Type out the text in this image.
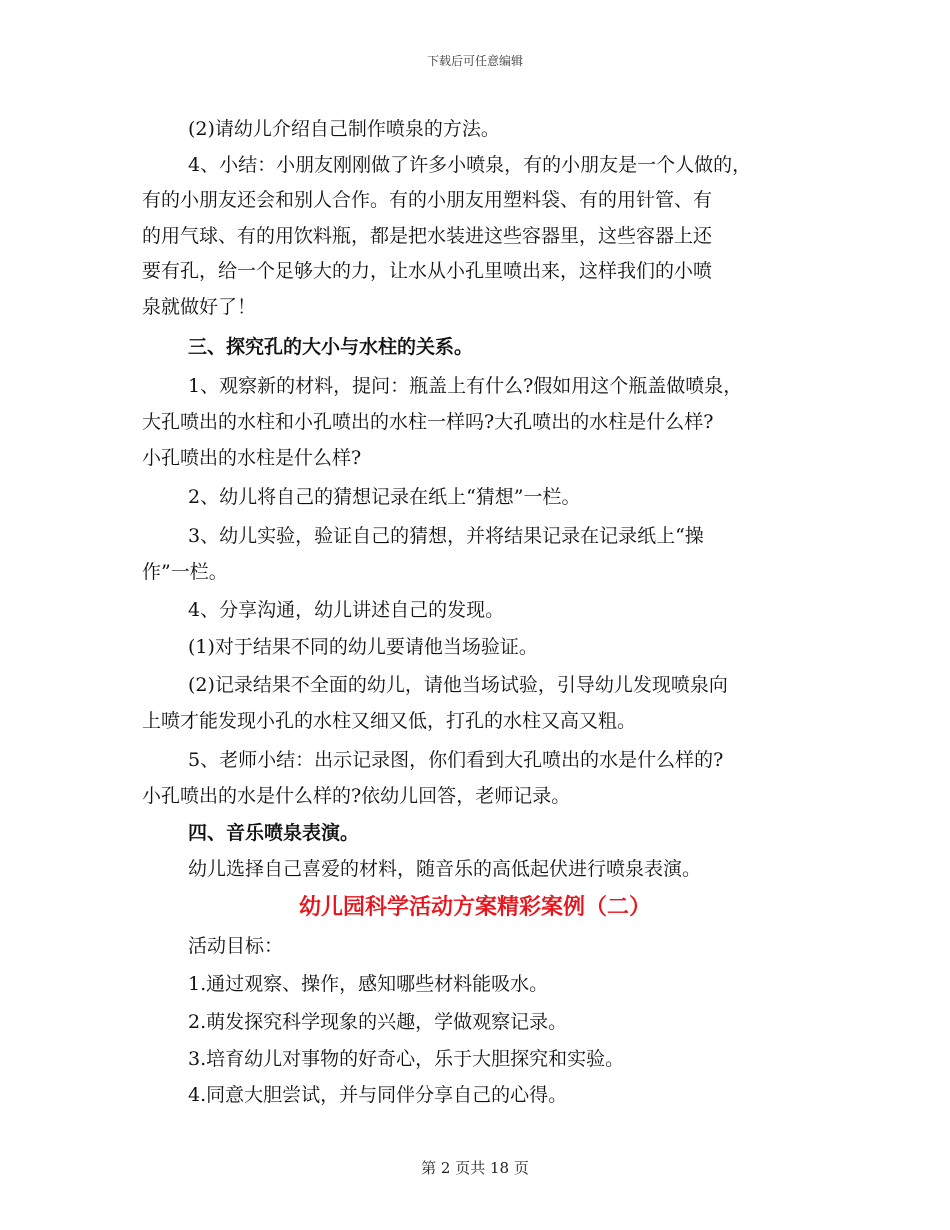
下载后可任意编辑
(2)请幼儿介绍自己制作喷泉的方法。
4、小结：小朋友刚刚做了许多小喷泉，有的小朋友是一个人做的，
有的小朋友还会和别人合作。有的小朋友用塑料袋、有的用针管、有
的用气球、有的用饮料瓶，都是把水装进这些容器里，这些容器上还
要有孔，给一个足够大的力，让水从小孔里喷出来，这样我们的小喷
泉就做好了！
三、探究孔的大小与水柱的关系。
1、观察新的材料，提问：瓶盖上有什么?假如用这个瓶盖做喷泉，
大孔喷出的水柱和小孔喷出的水柱一样吗?大孔喷出的水柱是什么样?
小孔喷出的水柱是什么样?
2、幼儿将自己的猜想记录在纸上“猜想”一栏。
3、幼儿实验，验证自己的猜想，并将结果记录在记录纸上“操
作”一栏。
4、分享沟通，幼儿讲述自己的发现。
(1)对于结果不同的幼儿要请他当场验证。
(2)记录结果不全面的幼儿，请他当场试验，引导幼儿发现喷泉向
上喷才能发现小孔的水柱又细又低，打孔的水柱又高又粗。
5、老师小结：出示记录图，你们看到大孔喷出的水是什么样的?
小孔喷出的水是什么样的?依幼儿回答，老师记录。
四、音乐喷泉表演。
幼儿选择自己喜爱的材料，随音乐的高低起伏进行喷泉表演。
幼儿园科学活动方案精彩案例（二）
活动目标：
1.通过观察、操作，感知哪些材料能吸水。
2.萌发探究科学现象的兴趣，学做观察记录。
3.培育幼儿对事物的好奇心，乐于大胆探究和实验。
4.同意大胆尝试，并与同伴分享自己的心得。
第 2 页共 18 页
